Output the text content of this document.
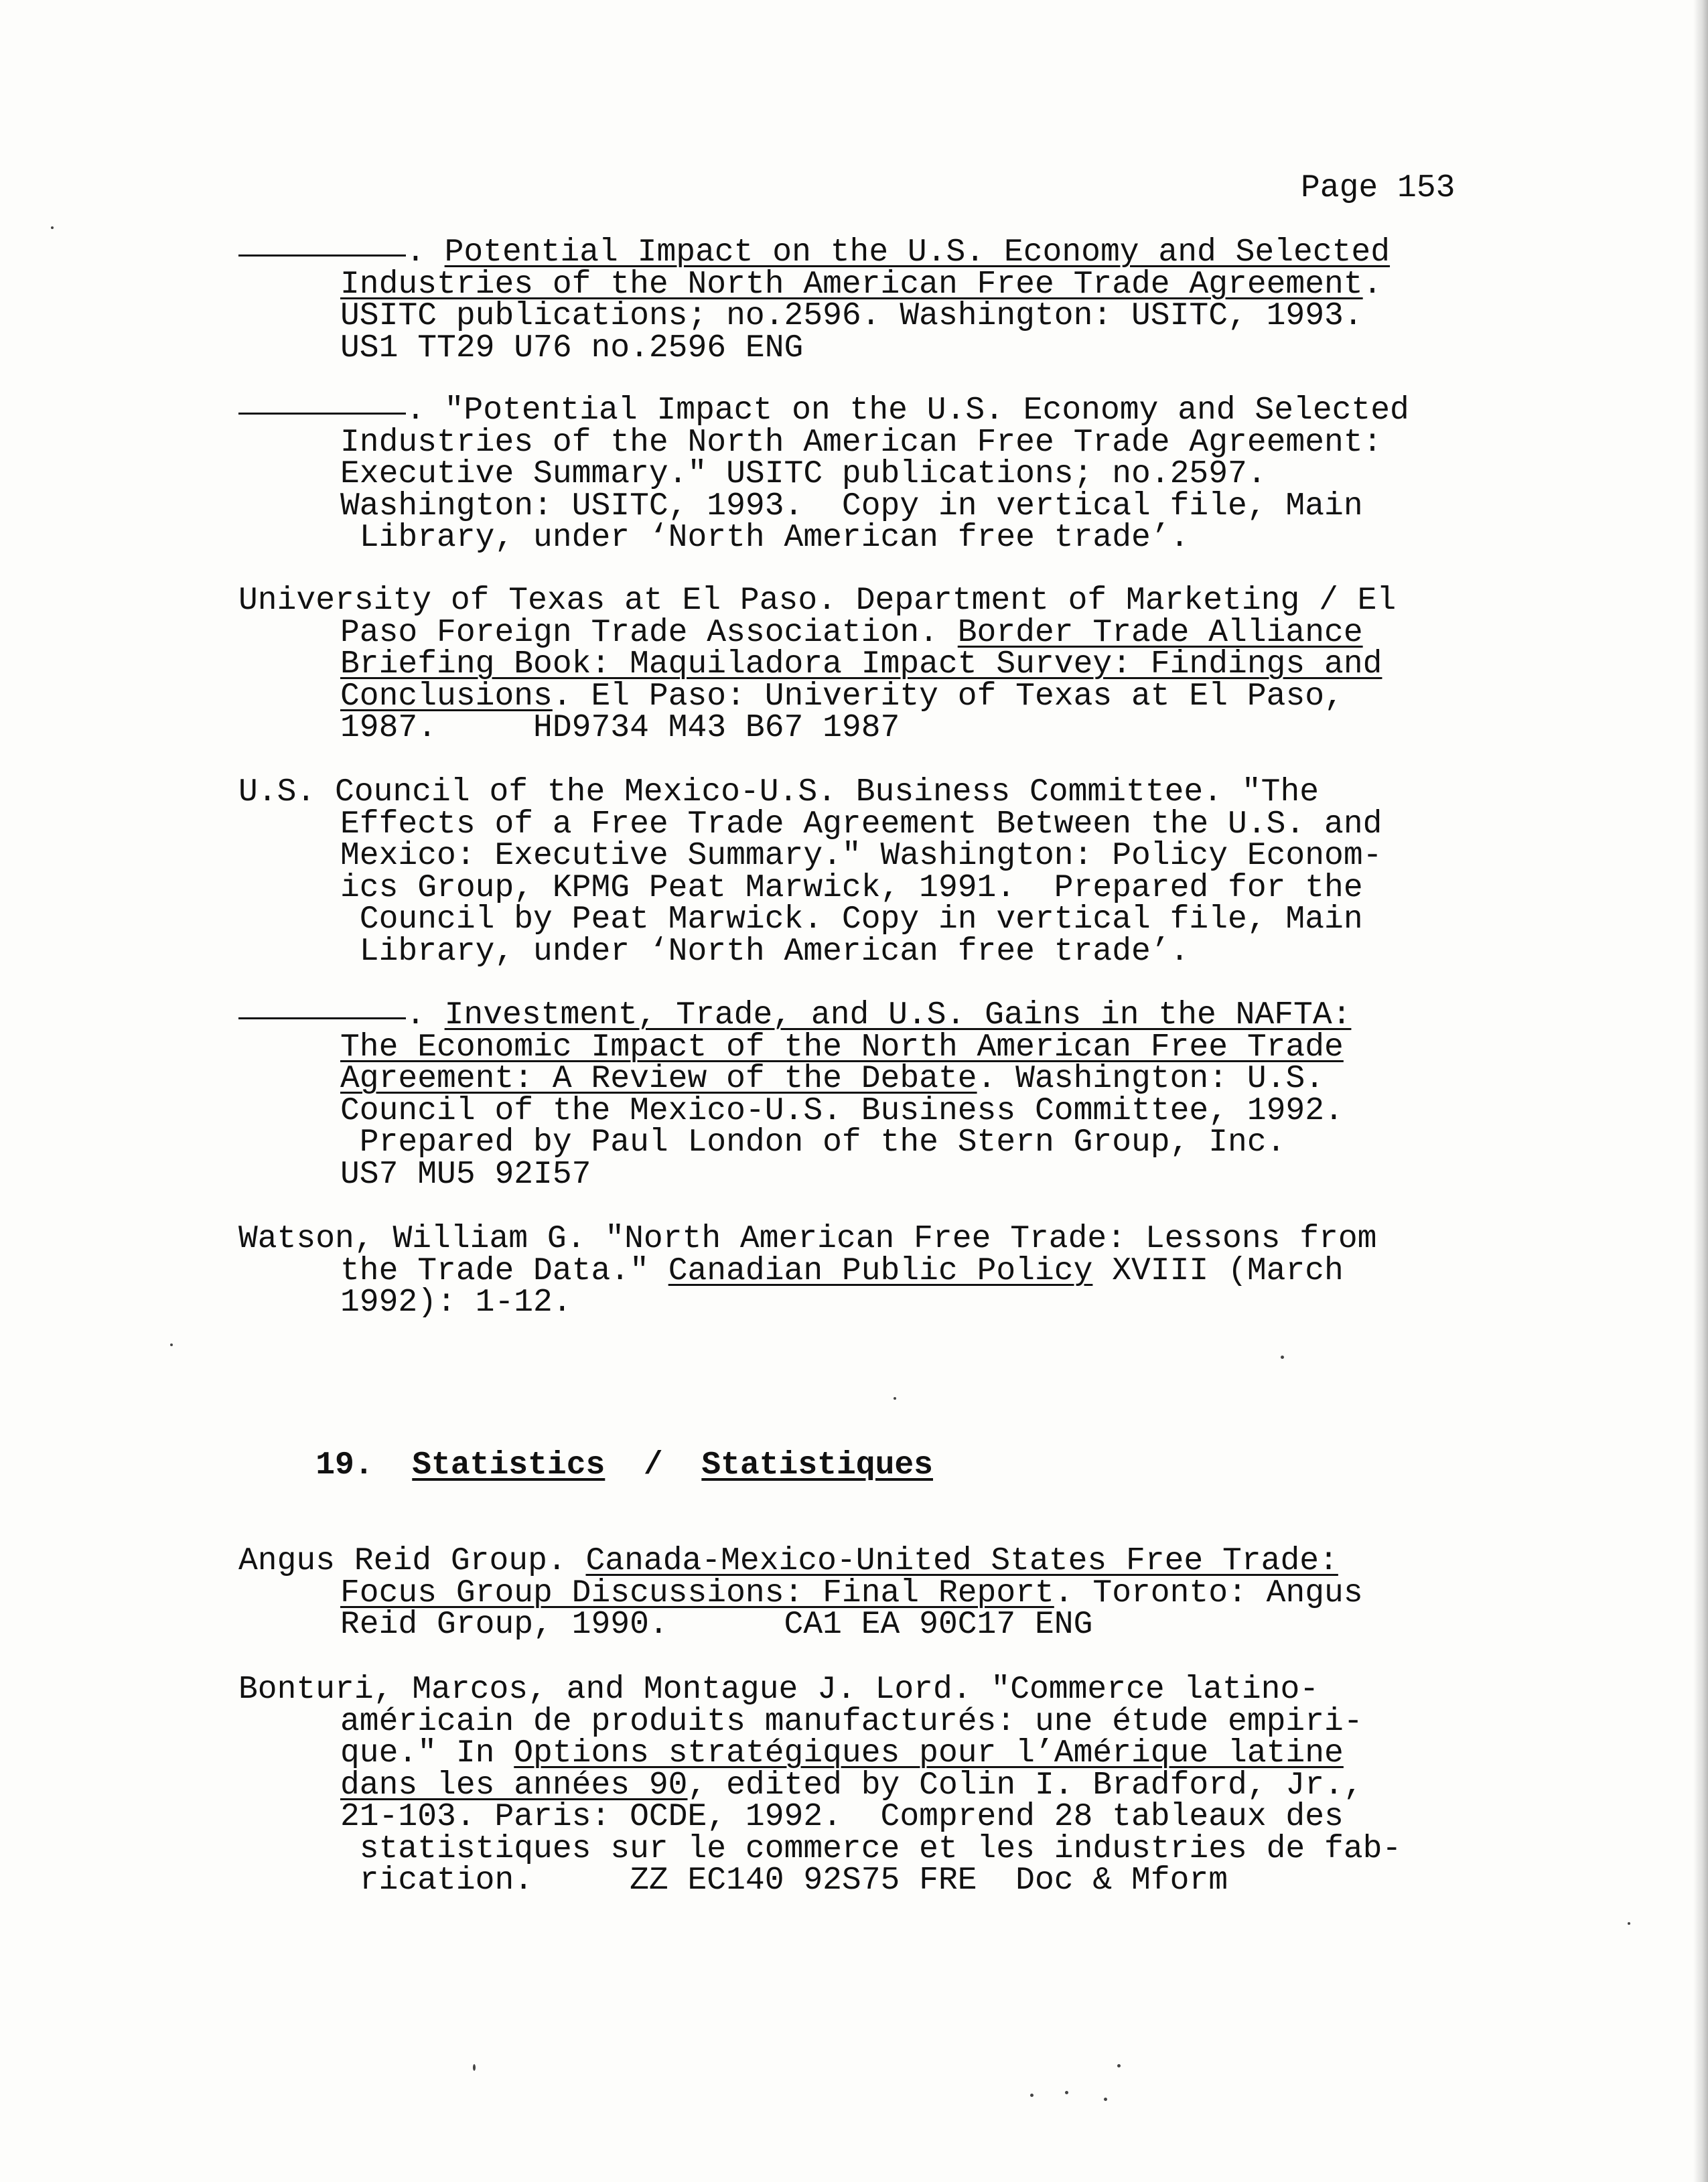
Page 153
. Potential Impact on the U.S. Economy and Selected
Industries of the North American Free Trade Agreement.
USITC publications; no.2596. Washington: USITC, 1993.
US1 TT29 U76 no.2596 ENG
. "Potential Impact on the U.S. Economy and Selected
Industries of the North American Free Trade Agreement:
Executive Summary." USITC publications; no.2597.
Washington: USITC, 1993.  Copy in vertical file, Main
Library, under ‘North American free trade’.
University of Texas at El Paso. Department of Marketing / El
Paso Foreign Trade Association. Border Trade Alliance
Briefing Book: Maquiladora Impact Survey: Findings and
Conclusions. El Paso: Univerity of Texas at El Paso,
1987.     HD9734 M43 B67 1987
U.S. Council of the Mexico-U.S. Business Committee. "The
Effects of a Free Trade Agreement Between the U.S. and
Mexico: Executive Summary." Washington: Policy Econom-
ics Group, KPMG Peat Marwick, 1991.  Prepared for the
Council by Peat Marwick. Copy in vertical file, Main
Library, under ‘North American free trade’.
. Investment, Trade, and U.S. Gains in the NAFTA:
The Economic Impact of the North American Free Trade
Agreement: A Review of the Debate. Washington: U.S.
Council of the Mexico-U.S. Business Committee, 1992.
Prepared by Paul London of the Stern Group, Inc.
US7 MU5 92I57
Watson, William G. "North American Free Trade: Lessons from
the Trade Data." Canadian Public Policy XVIII (March
1992): 1-12.

19. Statistics / Statistiques

Angus Reid Group. Canada-Mexico-United States Free Trade:
Focus Group Discussions: Final Report. Toronto: Angus
Reid Group, 1990.      CA1 EA 90C17 ENG
Bonturi, Marcos, and Montague J. Lord. "Commerce latino-
américain de produits manufacturés: une étude empiri-
que." In Options stratégiques pour l’Amérique latine
dans les années 90, edited by Colin I. Bradford, Jr.,
21-103. Paris: OCDE, 1992.  Comprend 28 tableaux des
statistiques sur le commerce et les industries de fab-
rication.     ZZ EC140 92S75 FRE  Doc & Mform
